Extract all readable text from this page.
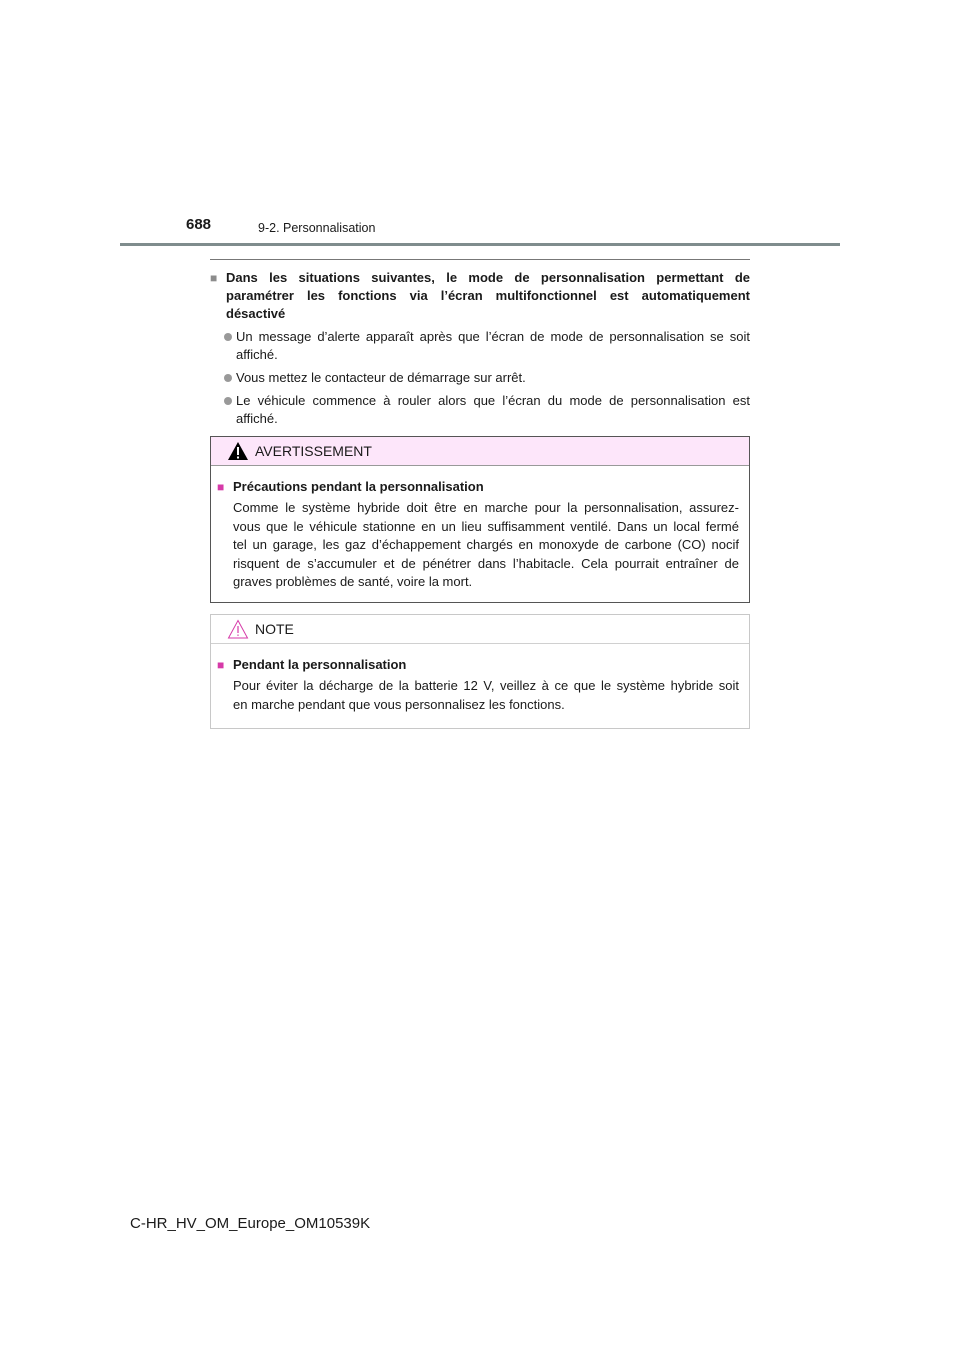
688	9-2. Personnalisation
■ Dans les situations suivantes, le mode de personnalisation permettant de
paramétrer les fonctions via l’écran multifonctionnel est automatiquement
désactivé
Un message d’alerte apparaît après que l’écran de mode de personnalisation se soit
affiché.
Vous mettez le contacteur de démarrage sur arrêt.
Le véhicule commence à rouler alors que l’écran du mode de personnalisation est
affiché.
AVERTISSEMENT
■ Précautions pendant la personnalisation
Comme le système hybride doit être en marche pour la personnalisation, assurez-
vous que le véhicule stationne en un lieu suffisamment ventilé. Dans un local fermé
tel un garage, les gaz d’échappement chargés en monoxyde de carbone (CO) nocif
risquent de s’accumuler et de pénétrer dans l’habitacle. Cela pourrait entraîner de
graves problèmes de santé, voire la mort.
NOTE
■ Pendant la personnalisation
Pour éviter la décharge de la batterie 12 V, veillez à ce que le système hybride soit
en marche pendant que vous personnalisez les fonctions.
C-HR_HV_OM_Europe_OM10539K
